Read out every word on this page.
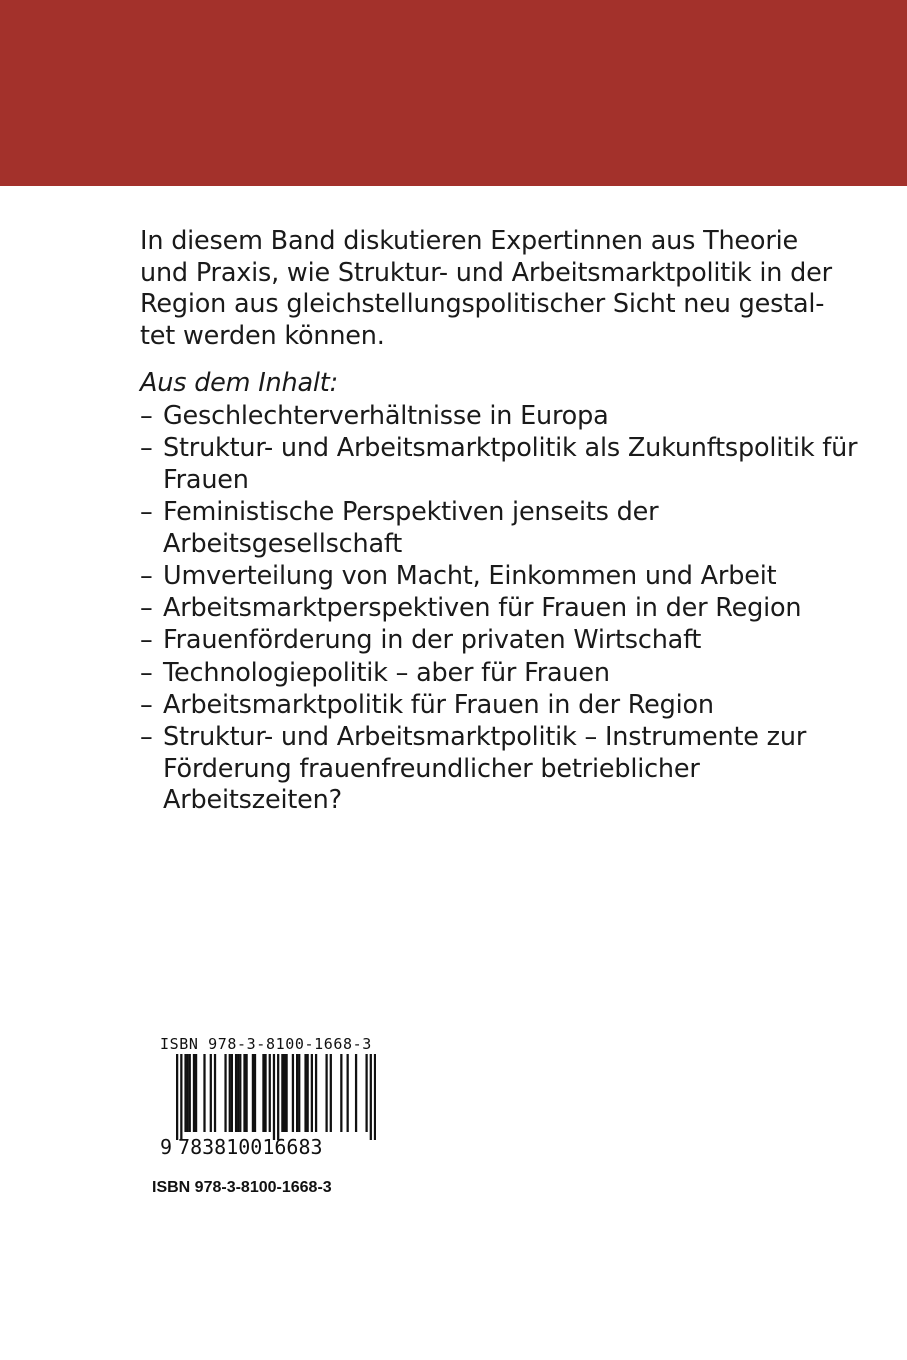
In diesem Band diskutieren Expertinnen aus Theorie
und Praxis, wie Struktur- und Arbeitsmarktpolitik in der
Region aus gleichstellungspolitischer Sicht neu gestal-
tet werden können.
Aus dem Inhalt:
– Geschlechterverhältnisse in Europa
– Struktur- und Arbeitsmarktpolitik als Zukunftspolitik für
Frauen
– Feministische Perspektiven jenseits der
Arbeitsgesellschaft
– Umverteilung von Macht, Einkommen und Arbeit
– Arbeitsmarktperspektiven für Frauen in der Region
– Frauenförderung in der privaten Wirtschaft
– Technologiepolitik – aber für Frauen
– Arbeitsmarktpolitik für Frauen in der Region
– Struktur- und Arbeitsmarktpolitik – Instrumente zur
Förderung frauenfreundlicher betrieblicher
Arbeitszeiten?
ISBN 978-3-8100-1668-3
9 783810016683
ISBN 978-3-8100-1668-3
